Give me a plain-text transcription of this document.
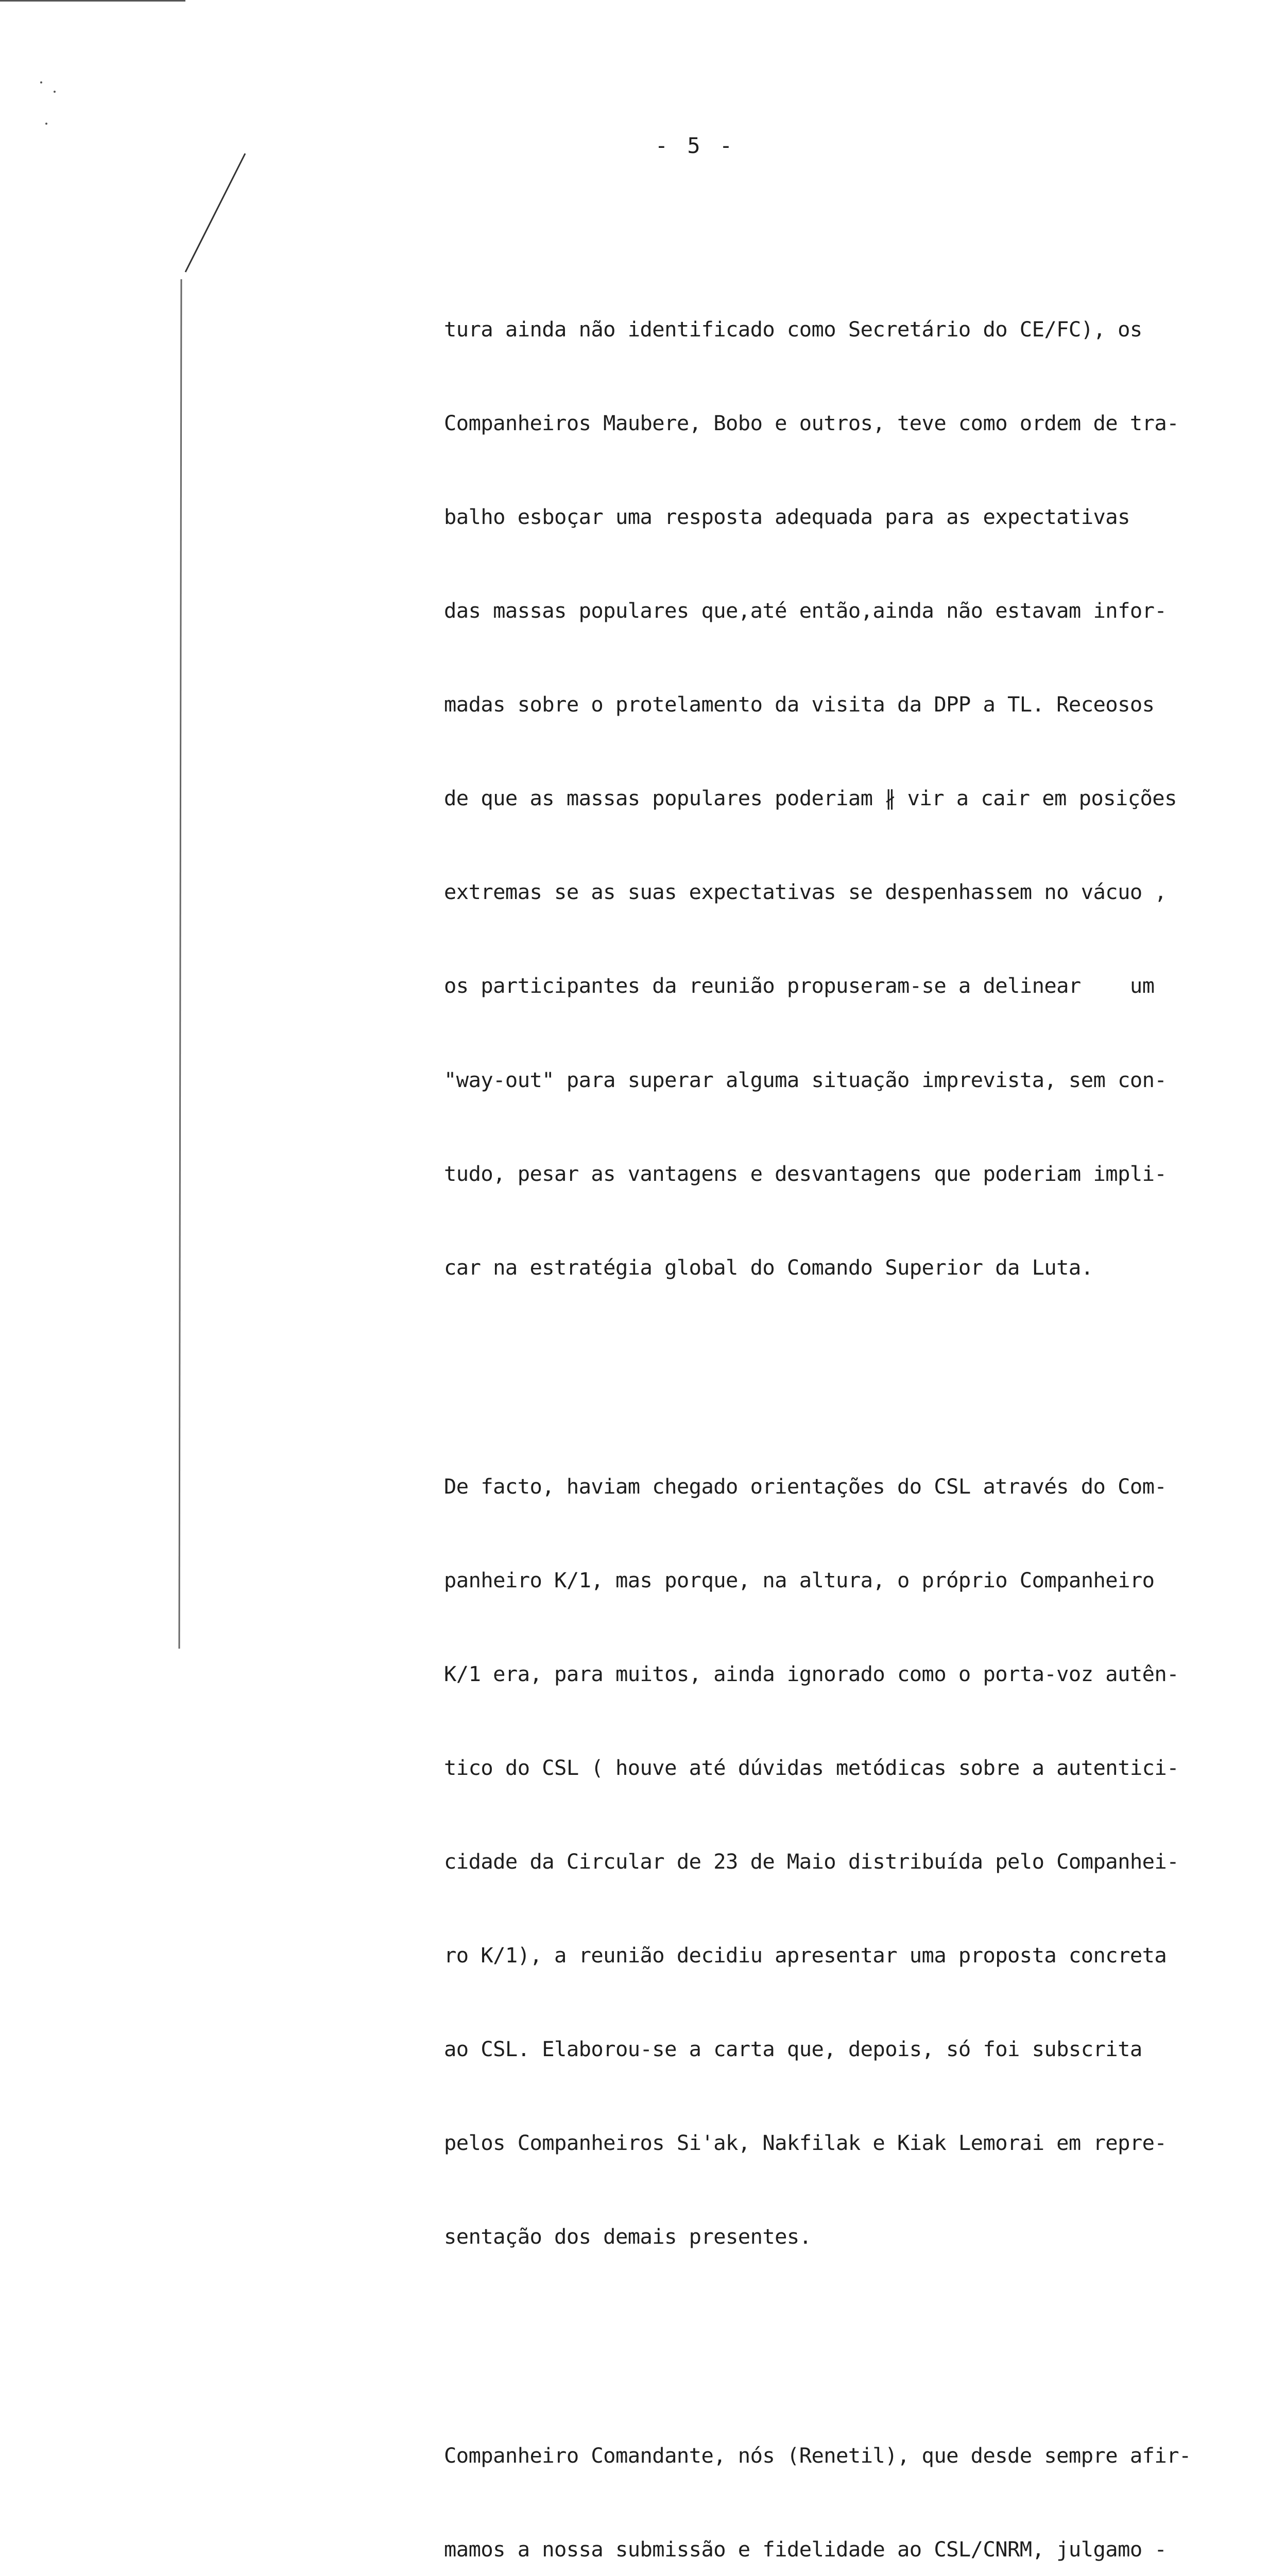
- 5 -

tura ainda não identificado como Secretário do CE/FC), os

Companheiros Maubere, Bobo e outros, teve como ordem de tra-

balho esboçar uma resposta adequada para as expectativas

das massas populares que,até então,ainda não estavam infor-

madas sobre o protelamento da visita da DPP a TL. Receosos

de que as massas populares poderiam ∦ vir a cair em posições

extremas se as suas expectativas se despenhassem no vácuo ,

os participantes da reunião propuseram-se a delinear    um

"way-out" para superar alguma situação imprevista, sem con-

tudo, pesar as vantagens e desvantagens que poderiam impli-

car na estratégia global do Comando Superior da Luta.

De facto, haviam chegado orientações do CSL através do Com-

panheiro K/1, mas porque, na altura, o próprio Companheiro

K/1 era, para muitos, ainda ignorado como o porta-voz autên-

tico do CSL ( houve até dúvidas metódicas sobre a autentici-

cidade da Circular de 23 de Maio distribuída pelo Companhei-

ro K/1), a reunião decidiu apresentar uma proposta concreta

ao CSL. Elaborou-se a carta que, depois, só foi subscrita

pelos Companheiros Si'ak, Nakfilak e Kiak Lemorai em repre-

sentação dos demais presentes.

Companheiro Comandante, nós (Renetil), que desde sempre afir-

mamos a nossa submissão e fidelidade ao CSL/CNRM, julgamo -
